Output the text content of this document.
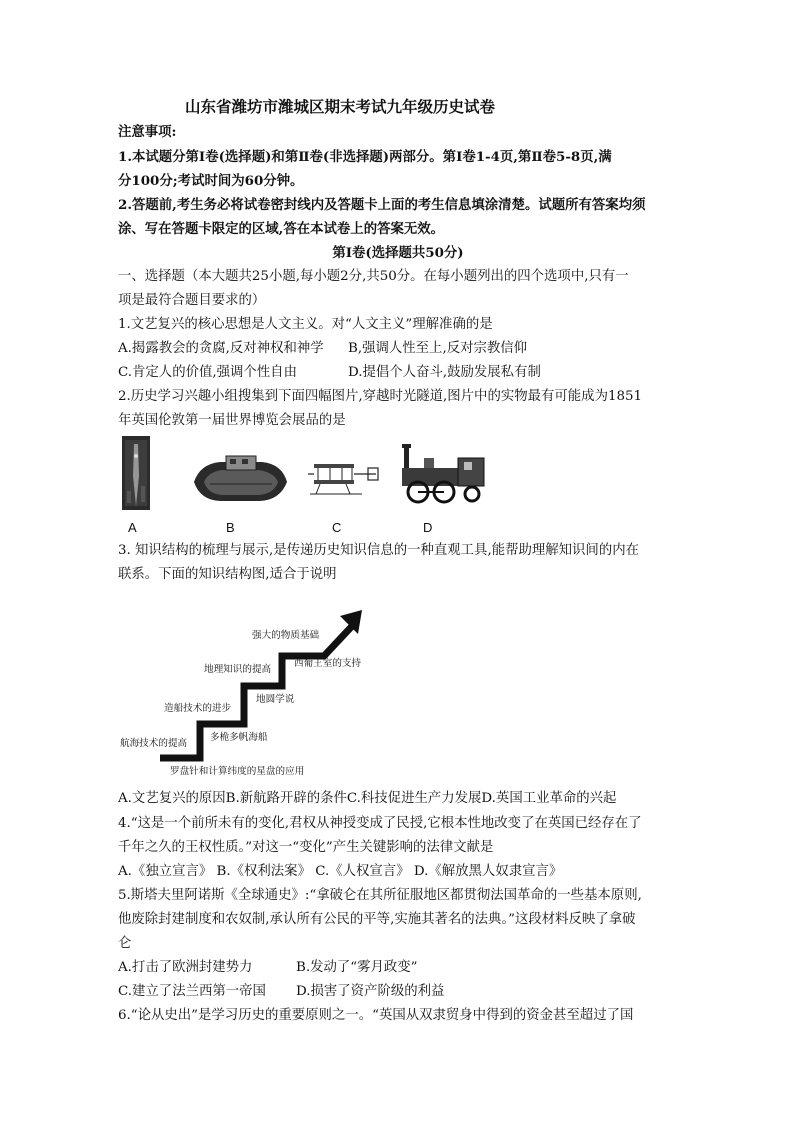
山东省潍坊市潍城区期末考试九年级历史试卷
注意事项:
1.本试题分第I卷(选择题)和第Ⅱ卷(非选择题)两部分。第Ⅰ卷1-4页,第Ⅱ卷5-8页,满
分100分;考试时间为60分钟。
2.答题前,考生务必将试卷密封线内及答题卡上面的考生信息填涂清楚。试题所有答案均须
涂、写在答题卡限定的区域,答在本试卷上的答案无效。
第Ⅰ卷(选择题共50分)
一、选择题（本大题共25小题,每小题2分,共50分。在每小题列出的四个选项中,只有一
项是最符合题目要求的）
1.文艺复兴的核心思想是人文主义。对“人文主义”理解准确的是
A.揭露教会的贪腐,反对神权和神学 B,强调人性至上,反对宗教信仰
C.肯定人的价值,强调个性自由	D.提倡个人奋斗,鼓励发展私有制
2.历史学习兴趣小组搜集到下面四幅图片,穿越时光隧道,图片中的实物最有可能成为1851
年英国伦敦第一届世界博览会展品的是
A	B	C	D
3. 知识结构的梳理与展示,是传递历史知识信息的一种直观工具,能帮助理解知识间的内在
联系。下面的知识结构图,适合于说明
航海技术的提高
造船技术的进步
地理知识的提高
强大的物质基础
罗盘针和计算纬度的星盘的应用
多桅多帆海船
地圆学说
西葡王室的支持
A.文艺复兴的原因B.新航路开辟的条件C.科技促进生产力发展D.英国工业革命的兴起
4.“这是一个前所未有的变化,君权从神授变成了民授,它根本性地改变了在英国已经存在了
千年之久的王权性质。”对这一“变化”产生关键影响的法律文献是
A.《独立宣言》 B.《权利法案》 C.《人权宣言》 D.《解放黑人奴隶宣言》
5.斯塔夫里阿诺斯《全球通史》:“拿破仑在其所征服地区都贯彻法国革命的一些基本原则,
他废除封建制度和农奴制,承认所有公民的平等,实施其著名的法典。”这段材料反映了拿破
仑
A.打击了欧洲封建势力	B.发动了“雾月政变”
C.建立了法兰西第一帝国 D.损害了资产阶级的利益
6.“论从史出”是学习历史的重要原则之一。“英国从双隶贸身中得到的资金甚至超过了国
